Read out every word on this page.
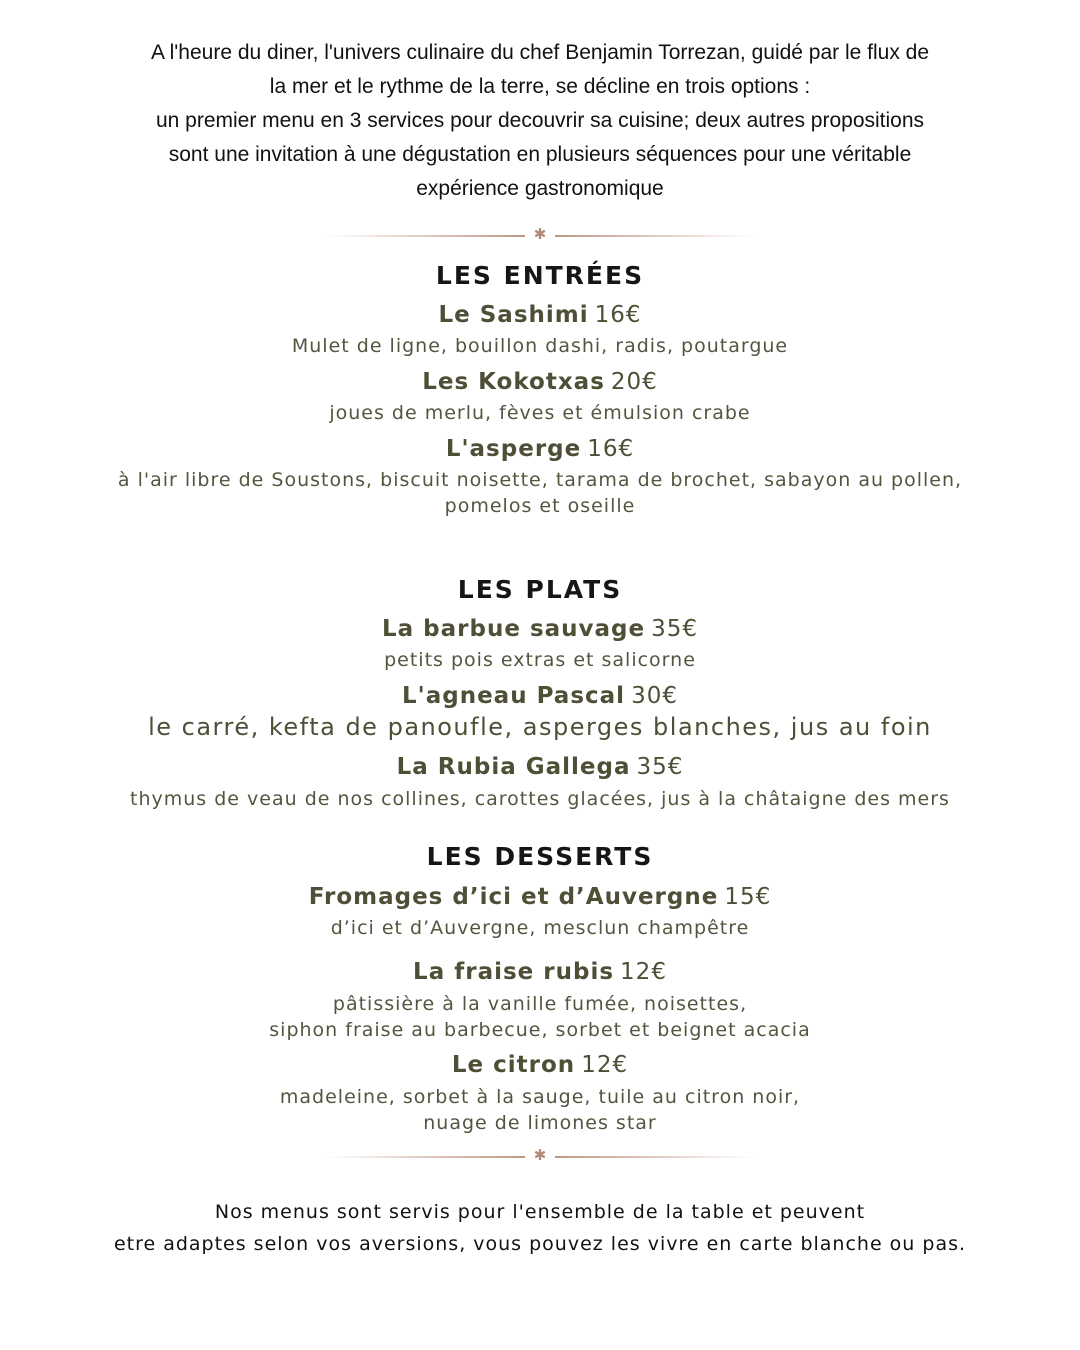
A l'heure du diner, l'univers culinaire du chef Benjamin Torrezan, guidé par le flux de
la mer et le rythme de la terre, se décline en trois options :
un premier menu en 3 services pour decouvrir sa cuisine; deux autres propositions
sont une invitation à une dégustation en plusieurs séquences pour une véritable
expérience gastronomique
✱
LES ENTRÉES
Le Sashimi 16€
Mulet de ligne, bouillon dashi, radis, poutargue
Les Kokotxas 20€
joues de merlu, fèves et émulsion crabe
L'asperge 16€
à l'air libre de Soustons, biscuit noisette, tarama de brochet, sabayon au pollen,
pomelos et oseille
LES PLATS
La barbue sauvage 35€
petits pois extras et salicorne
L'agneau Pascal 30€
le carré, kefta de panoufle, asperges blanches, jus au foin
La Rubia Gallega 35€
thymus de veau de nos collines, carottes glacées, jus à la châtaigne des mers
LES DESSERTS
Fromages d’ici et d’Auvergne 15€
d’ici et d’Auvergne, mesclun champêtre
La fraise rubis 12€
pâtissière à la vanille fumée, noisettes,
siphon fraise au barbecue, sorbet et beignet acacia
Le citron 12€
madeleine, sorbet à la sauge, tuile au citron noir,
nuage de limones star
✱
Nos menus sont servis pour l'ensemble de la table et peuvent
etre adaptes selon vos aversions, vous pouvez les vivre en carte blanche ou pas.
